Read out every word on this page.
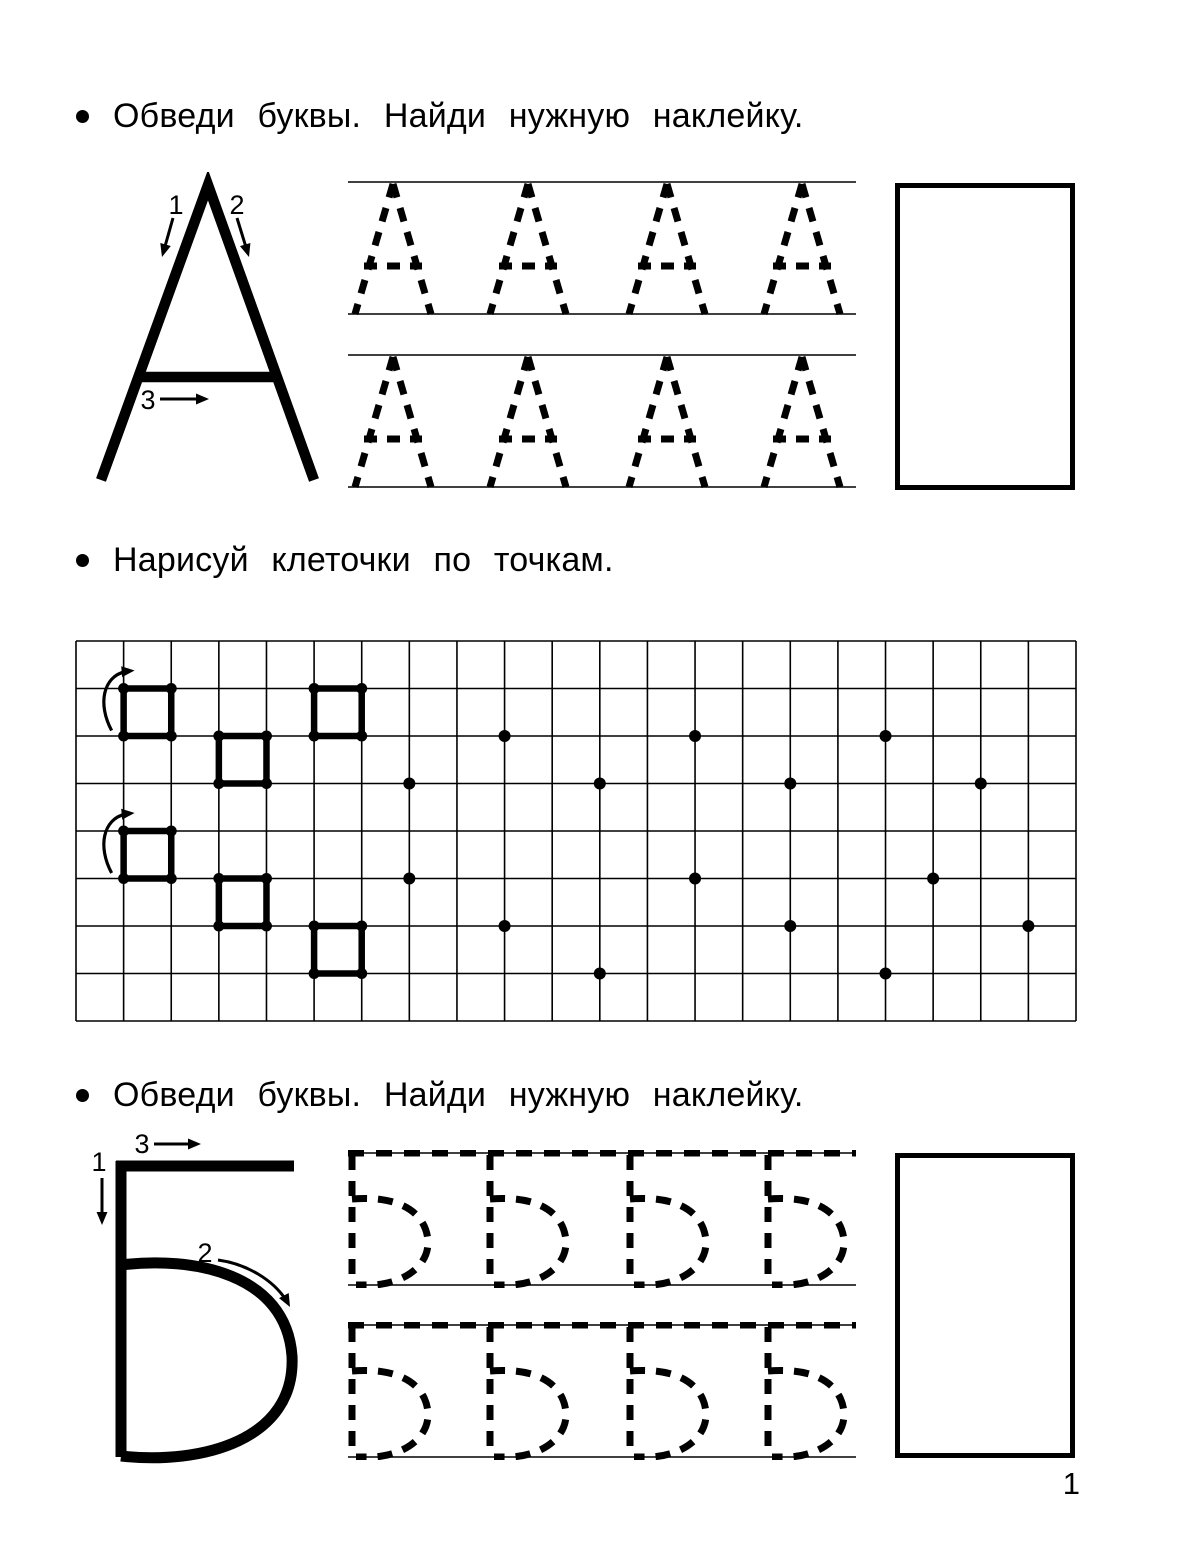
Обведи буквы. Найди нужную наклейку.
1 2
3
Нарисуй клеточки по точкам.
Обведи буквы. Найди нужную наклейку.
1
2
3
1
